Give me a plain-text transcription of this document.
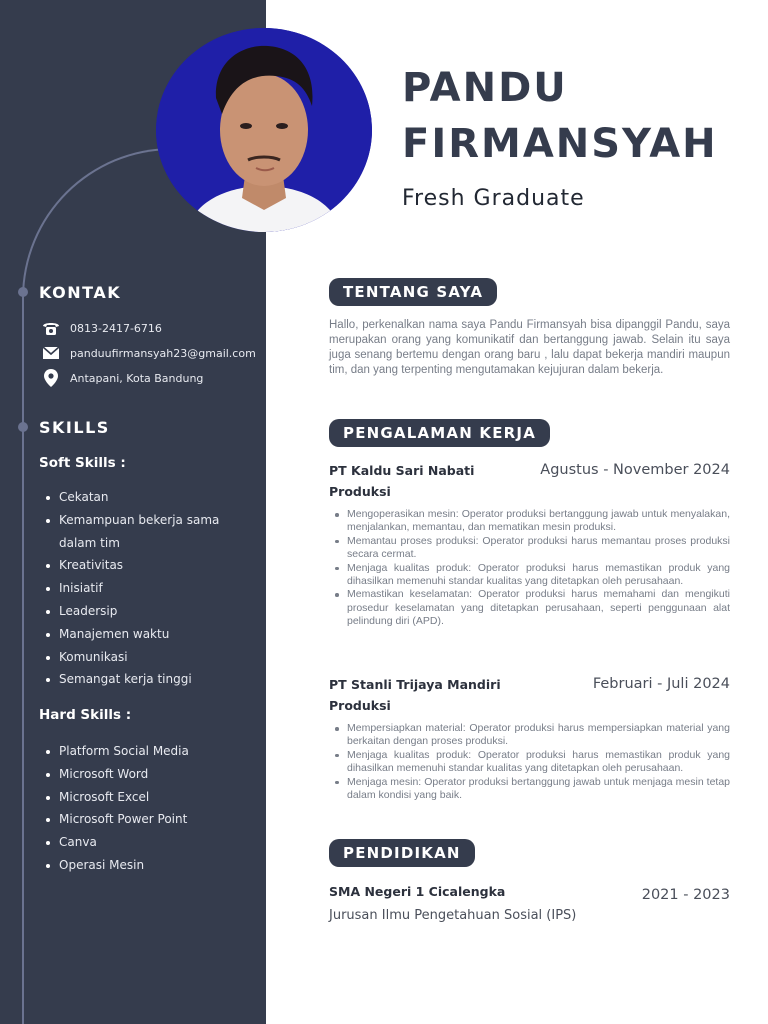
KONTAK
0813-2417-6716
panduufirmansyah23@gmail.com
Antapani, Kota Bandung
SKILLS
Soft Skills :
Cekatan
Kemampuan bekerja sama
dalam tim
Kreativitas
Inisiatif
Leadersip
Manajemen waktu
Komunikasi
Semangat kerja tinggi
Hard Skills :
Platform Social Media
Microsoft Word
Microsoft Excel
Microsoft Power Point
Canva
Operasi Mesin
PANDU
FIRMANSYAH
Fresh Graduate
TENTANG SAYA
Hallo, perkenalkan nama saya Pandu Firmansyah bisa dipanggil Pandu, saya merupakan orang yang komunikatif dan bertanggung jawab. Selain itu saya juga senang bertemu dengan orang baru , lalu dapat bekerja mandiri maupun tim, dan yang terpenting mengutamakan kejujuran dalam bekerja.
PENGALAMAN KERJA
PT Kaldu Sari Nabati	Agustus - November 2024
Produksi
Mengoperasikan mesin: Operator produksi bertanggung jawab untuk menyalakan, menjalankan, memantau, dan mematikan mesin produksi.
Memantau proses produksi: Operator produksi harus memantau proses produksi secara cermat.
Menjaga kualitas produk: Operator produksi harus memastikan produk yang dihasilkan memenuhi standar kualitas yang ditetapkan oleh perusahaan.
Memastikan keselamatan: Operator produksi harus memahami dan mengikuti prosedur keselamatan yang ditetapkan perusahaan, seperti penggunaan alat pelindung diri (APD).
PT Stanli Trijaya Mandiri	Februari - Juli 2024
Produksi
Mempersiapkan material: Operator produksi harus mempersiapkan material yang berkaitan dengan proses produksi.
Menjaga kualitas produk: Operator produksi harus memastikan produk yang dihasilkan memenuhi standar kualitas yang ditetapkan oleh perusahaan.
Menjaga mesin: Operator produksi bertanggung jawab untuk menjaga mesin tetap dalam kondisi yang baik.
PENDIDIKAN
SMA Negeri 1 Cicalengka	2021 - 2023
Jurusan Ilmu Pengetahuan Sosial (IPS)
